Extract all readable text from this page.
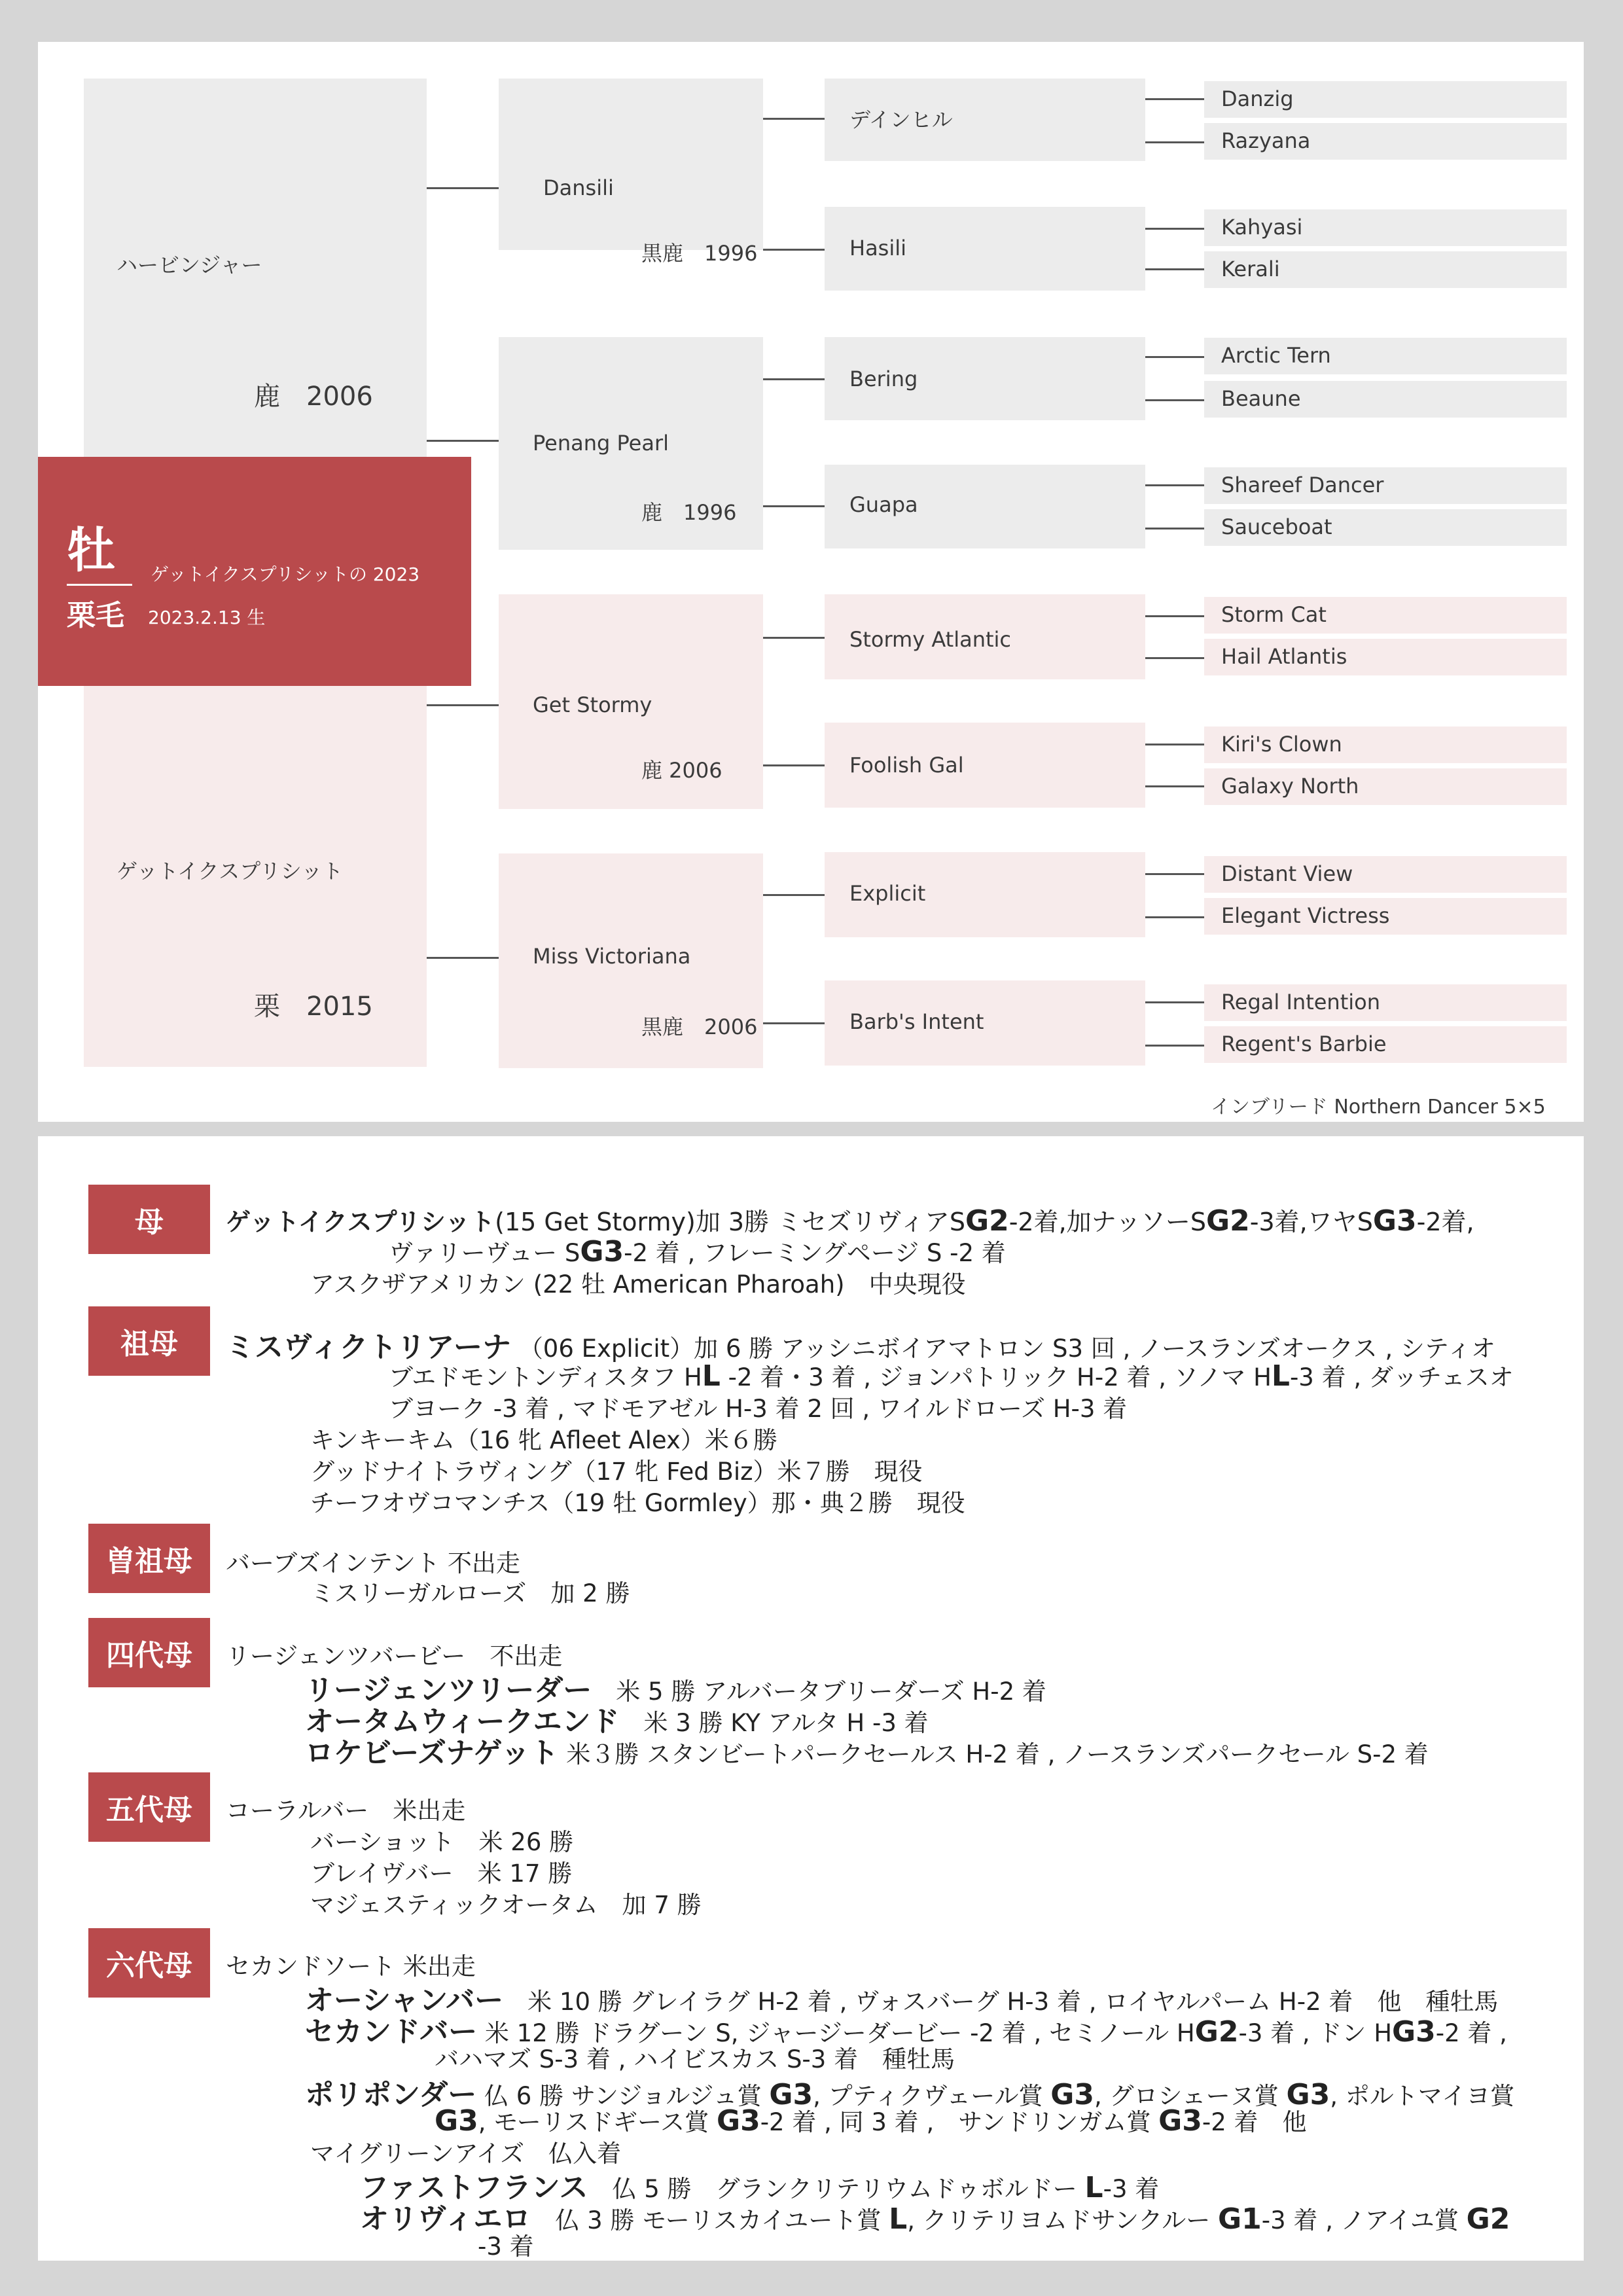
ハービンジャー
鹿　2006
ゲットイクスプリシット
栗　2015
牡
栗毛
ゲットイクスプリシットの 2023
2023.2.13 生
Dansili
黒鹿　1996
Penang Pearl
鹿　1996
Get Stormy
鹿 2006
Miss Victoriana
黒鹿　2006
デインヒル
Hasili
Bering
Guapa
Stormy Atlantic
Foolish Gal
Explicit
Barb's Intent
Danzig
Razyana
Kahyasi
Kerali
Arctic Tern
Beaune
Shareef Dancer
Sauceboat
Storm Cat
Hail Atlantis
Kiri's Clown
Galaxy North
Distant View
Elegant Victress
Regal Intention
Regent's Barbie
インブリード Northern Dancer 5×5
母
祖母
曽祖母
四代母
五代母
六代母
ゲットイクスプリシット(15 Get Stormy)加 3勝 ミセズリヴィアSG2-2着,加ナッソーSG2-3着,ワヤSG3-2着,
ヴァリーヴュー SG3-2 着 , フレーミングページ S -2 着
アスクザアメリカン (22 牡 American Pharoah)　中央現役
ミスヴィクトリアーナ （06 Explicit）加 6 勝 アッシニボイアマトロン S3 回 , ノースランズオークス , シティオ
ブエドモントンディスタフ HL -2 着・3 着 , ジョンパトリック H-2 着 , ソノマ HL-3 着 , ダッチェスオ
ブヨーク -3 着 , マドモアゼル H-3 着 2 回 , ワイルドローズ H-3 着
キンキーキム（16 牝 Afleet Alex）米６勝
グッドナイトラヴィング（17 牝 Fed Biz）米７勝　現役
チーフオヴコマンチス（19 牡 Gormley）那・典２勝　現役
バーブズインテント 不出走
ミスリーガルローズ　加 2 勝
リージェンツバービー　不出走
リージェンツリーダー　 米 5 勝 アルバータブリーダーズ H-2 着
オータムウィークエンド　 米 3 勝 KY アルタ H -3 着
ロケビーズナゲット 米３勝 スタンビートパークセールス H-2 着 , ノースランズパークセール S-2 着
コーラルバー　米出走
バーショット　米 26 勝
ブレイヴバー　米 17 勝
マジェスティックオータム　加 7 勝
セカンドソート 米出走
オーシャンバー　 米 10 勝 グレイラグ H-2 着 , ヴォスバーグ H-3 着 , ロイヤルパーム H-2 着　他　種牡馬
セカンドバー 米 12 勝 ドラグーン S, ジャージーダービー -2 着 , セミノール HG2-3 着 , ドン HG3-2 着 ,
バハマズ S-3 着 , ハイビスカス S-3 着　種牡馬
ポリポンダー 仏 6 勝 サンジョルジュ賞 G3, プティクヴェール賞 G3, グロシェーヌ賞 G3, ポルトマイヨ賞
G3, モーリスドギース賞 G3-2 着 , 同 3 着 ,　サンドリンガム賞 G3-2 着　他
マイグリーンアイズ　仏入着
ファストフランス　 仏 5 勝　グランクリテリウムドゥボルドー L-3 着
オリヴィエロ　 仏 3 勝 モーリスカイユート賞 L, クリテリヨムドサンクルー G1-3 着 , ノアイユ賞 G2
-3 着
